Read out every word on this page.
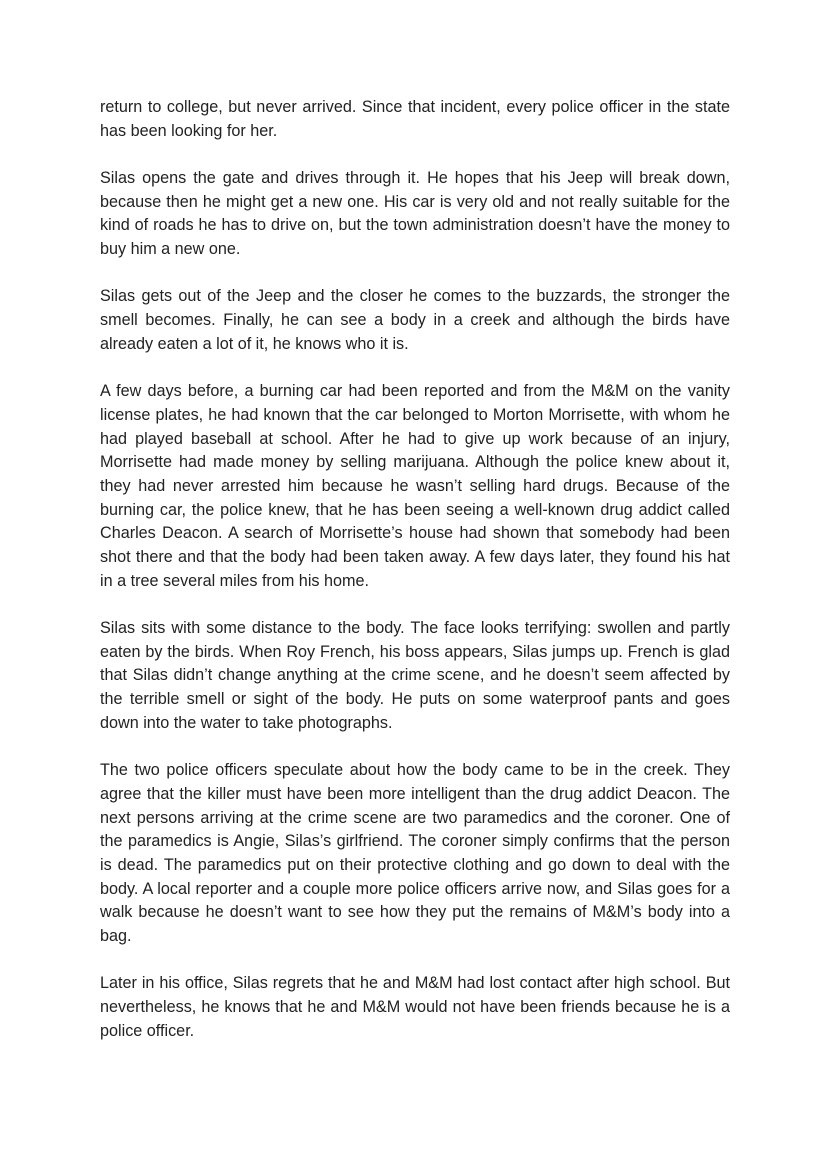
return to college, but never arrived. Since that incident, every police officer in the state has been looking for her.

Silas opens the gate and drives through it. He hopes that his Jeep will break down, because then he might get a new one. His car is very old and not really suitable for the kind of roads he has to drive on, but the town administration doesn’t have the money to buy him a new one.

Silas gets out of the Jeep and the closer he comes to the buzzards, the stronger the smell becomes. Finally, he can see a body in a creek and although the birds have already eaten a lot of it, he knows who it is.

A few days before, a burning car had been reported and from the M&M on the vanity license plates, he had known that the car belonged to Morton Morrisette, with whom he had played baseball at school. After he had to give up work because of an injury, Morrisette had made money by selling marijuana. Although the police knew about it, they had never arrested him because he wasn’t selling hard drugs. Because of the burning car, the police knew, that he has been seeing a well-known drug addict called Charles Deacon. A search of Morrisette’s house had shown that somebody had been shot there and that the body had been taken away. A few days later, they found his hat in a tree several miles from his home.

Silas sits with some distance to the body. The face looks terrifying: swollen and partly eaten by the birds. When Roy French, his boss appears, Silas jumps up. French is glad that Silas didn’t change anything at the crime scene, and he doesn’t seem affected by the terrible smell or sight of the body. He puts on some waterproof pants and goes down into the water to take photographs.

The two police officers speculate about how the body came to be in the creek. They agree that the killer must have been more intelligent than the drug addict Deacon. The next persons arriving at the crime scene are two paramedics and the coroner. One of the paramedics is Angie, Silas’s girlfriend. The coroner simply confirms that the person is dead. The paramedics put on their protective clothing and go down to deal with the body. A local reporter and a couple more police officers arrive now, and Silas goes for a walk because he doesn’t want to see how they put the remains of M&M’s body into a bag.

Later in his office, Silas regrets that he and M&M had lost contact after high school. But nevertheless, he knows that he and M&M would not have been friends because he is a police officer.
